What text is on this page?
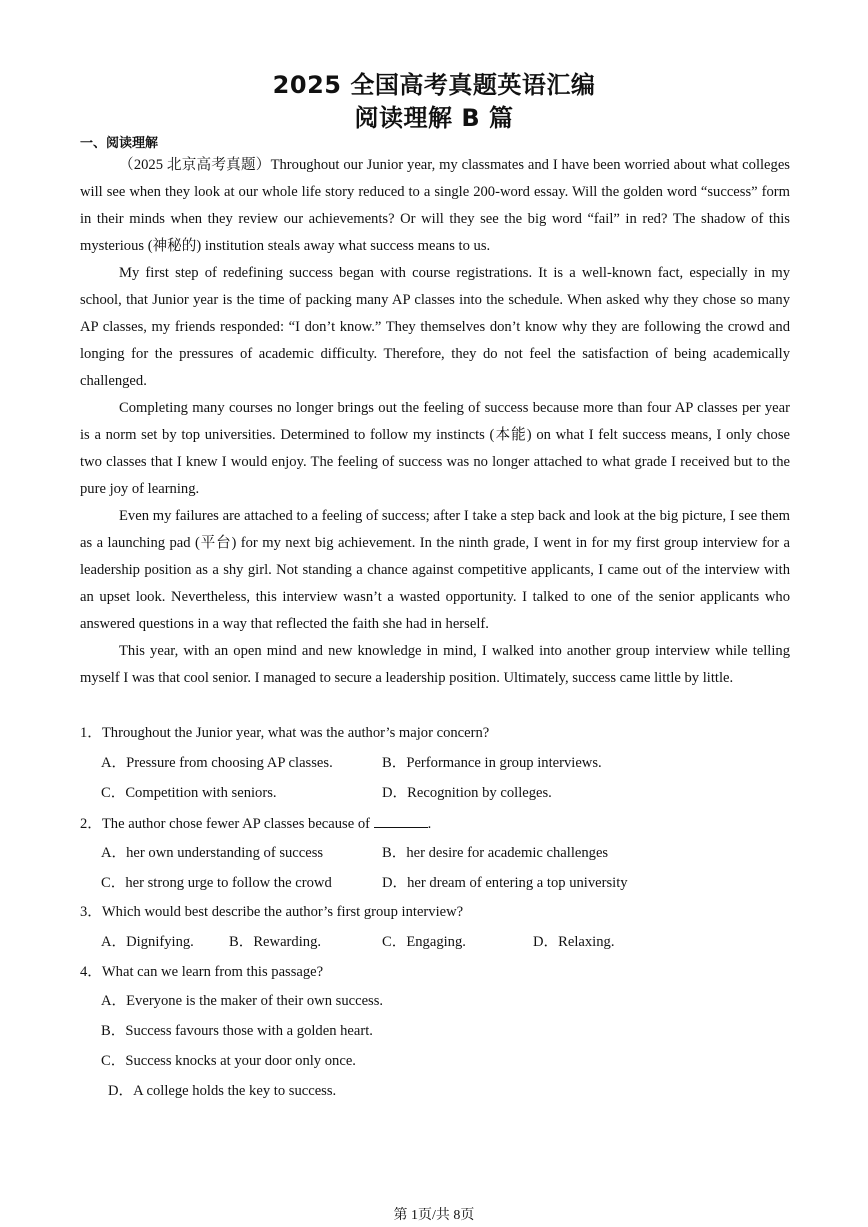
2025 全国高考真题英语汇编
阅读理解 B 篇
一、阅读理解

（2025 北京高考真题）Throughout our Junior year, my classmates and I have been worried about what colleges will see when they look at our whole life story reduced to a single 200-word essay. Will the golden word “success” form in their minds when they review our achievements? Or will they see the big word “fail” in red? The shadow of this mysterious (神秘的) institution steals away what success means to us.

My first step of redefining success began with course registrations. It is a well-known fact, especially in my school, that Junior year is the time of packing many AP classes into the schedule. When asked why they chose so many AP classes, my friends responded: “I don’t know.” They themselves don’t know why they are following the crowd and longing for the pressures of academic difficulty. Therefore, they do not feel the satisfaction of being academically challenged.

Completing many courses no longer brings out the feeling of success because more than four AP classes per year is a norm set by top universities. Determined to follow my instincts (本能) on what I felt success means, I only chose two classes that I knew I would enjoy. The feeling of success was no longer attached to what grade I received but to the pure joy of learning.

Even my failures are attached to a feeling of success; after I take a step back and look at the big picture, I see them as a launching pad (平台) for my next big achievement. In the ninth grade, I went in for my first group interview for a leadership position as a shy girl. Not standing a chance against competitive applicants, I came out of the interview with an upset look. Nevertheless, this interview wasn’t a wasted opportunity. I talked to one of the senior applicants who answered questions in a way that reflected the faith she had in herself.

This year, with an open mind and new knowledge in mind, I walked into another group interview while telling myself I was that cool senior. I managed to secure a leadership position. Ultimately, success came little by little.

1．Throughout the Junior year, what was the author’s major concern?
A．Pressure from choosing AP classes.	B．Performance in group interviews.
C．Competition with seniors.	D．Recognition by colleges.
2．The author chose fewer AP classes because of	.
A．her own understanding of success	B．her desire for academic challenges
C．her strong urge to follow the crowd	D．her dream of entering a top university
3．Which would best describe the author’s first group interview?
A．Dignifying. B．Rewarding.	C．Engaging.	D．Relaxing.
4．What can we learn from this passage?
A．Everyone is the maker of their own success.
B．Success favours those with a golden heart.
C．Success knocks at your door only once.
D．A college holds the key to success.
第 1页/共 8页
